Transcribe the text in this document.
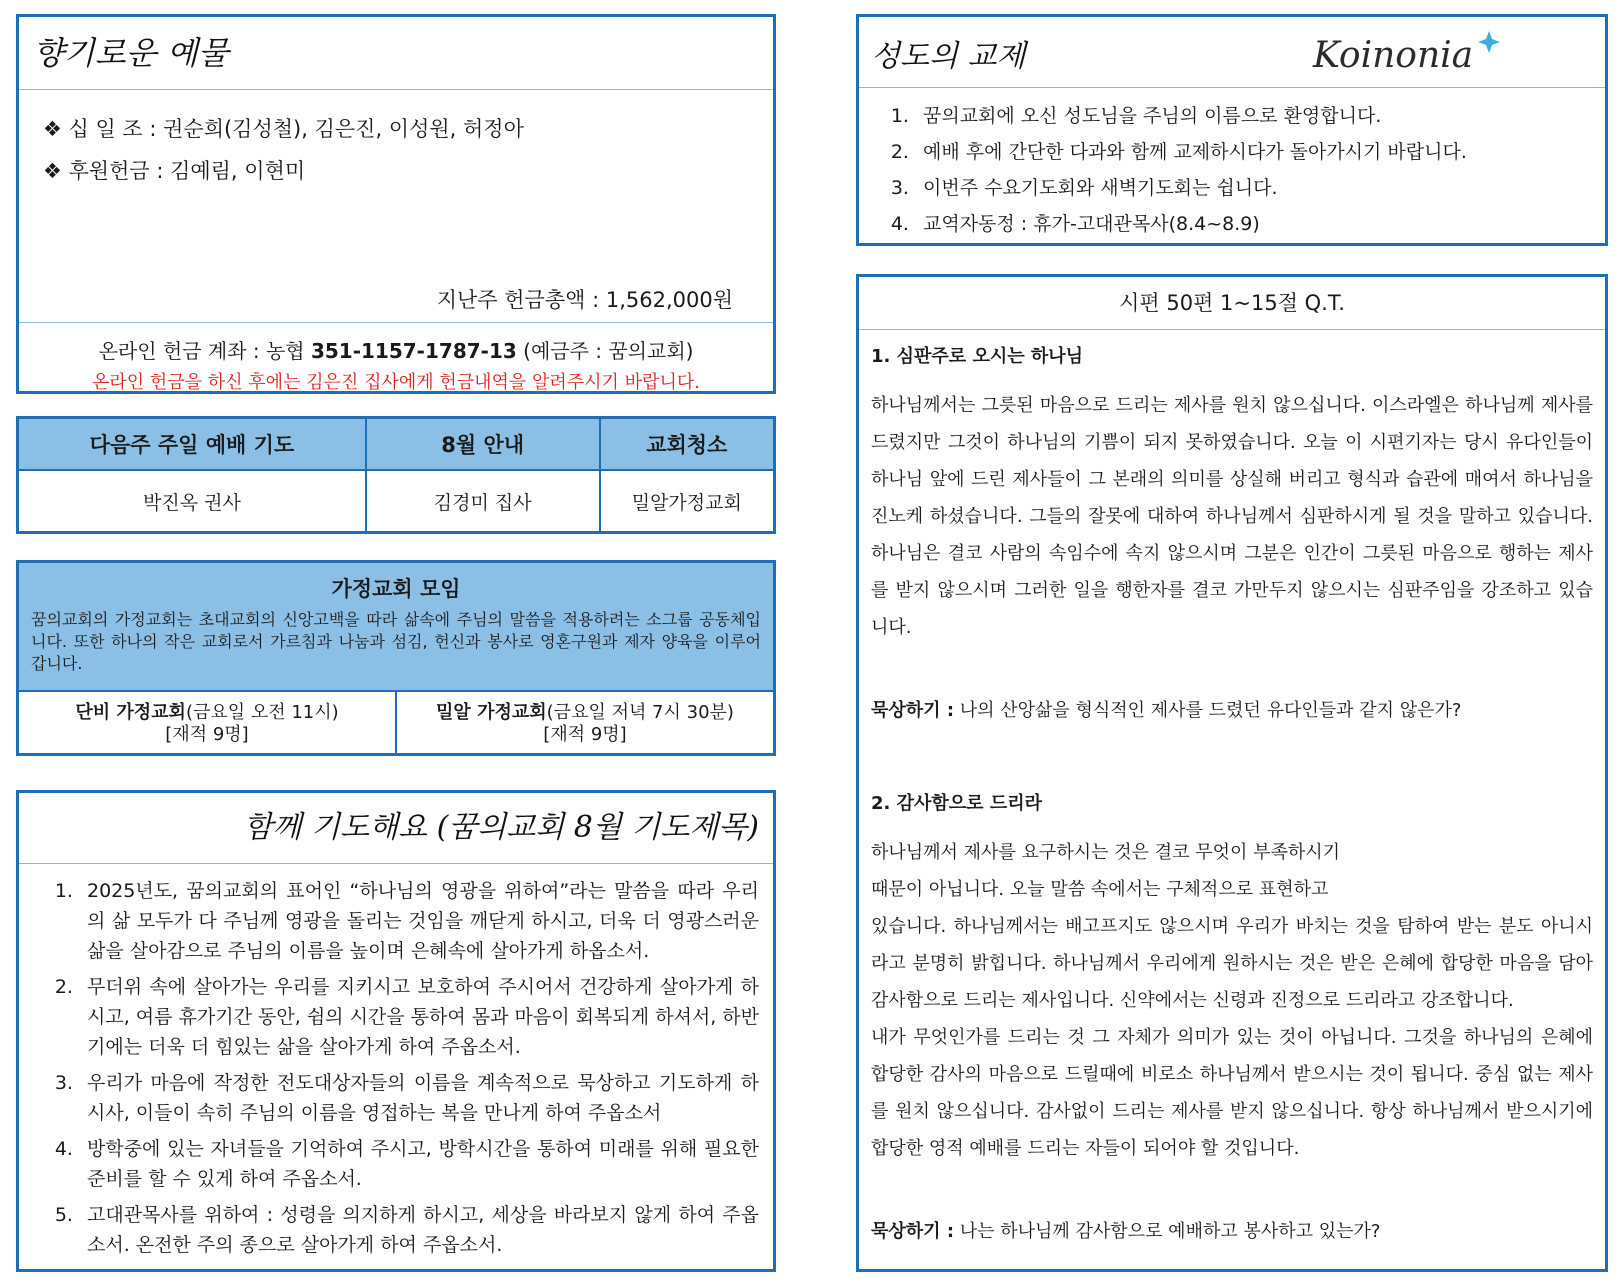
향기로운 예물
❖ 십 일 조 : 권순희(김성철), 김은진, 이성원, 허정아
❖ 후원헌금 : 김예림, 이현미
지난주 헌금총액 : 1,562,000원
온라인 헌금 계좌 : 농협 351-1157-1787-13 (예금주 : 꿈의교회)
온라인 헌금을 하신 후에는 김은진 집사에게 헌금내역을 알려주시기 바랍니다.
다음주 주일 예배 기도	8월 안내	교회청소
박진옥 권사	김경미 집사	밀알가정교회
가정교회 모임

꿈의교회의 가정교회는 초대교회의 신앙고백을 따라 삶속에 주님의 말씀을 적용하려는 소그룹 공동체입니다. 또한 하나의 작은 교회로서 가르침과 나눔과 섬김, 헌신과 봉사로 영혼구원과 제자 양육을 이루어 갑니다.

단비 가정교회(금요일 오전 11시)
[재적 9명]
밀알 가정교회(금요일 저녁 7시 30분)
[재적 9명]
함께 기도해요 (꿈의교회 8월 기도제목)
1. 2025년도, 꿈의교회의 표어인 “하나님의 영광을 위하여”라는 말씀을 따라 우리의 삶 모두가 다 주님께 영광을 돌리는 것임을 깨닫게 하시고, 더욱 더 영광스러운 삶을 살아감으로 주님의 이름을 높이며 은혜속에 살아가게 하옵소서.
2. 무더위 속에 살아가는 우리를 지키시고 보호하여 주시어서 건강하게 살아가게 하시고, 여름 휴가기간 동안, 쉼의 시간을 통하여 몸과 마음이 회복되게 하셔서, 하반기에는 더욱 더 힘있는 삶을 살아가게 하여 주옵소서.
3. 우리가 마음에 작정한 전도대상자들의 이름을 계속적으로 묵상하고 기도하게 하시사, 이들이 속히 주님의 이름을 영접하는 복을 만나게 하여 주옵소서
4. 방학중에 있는 자녀들을 기억하여 주시고, 방학시간을 통하여 미래를 위해 필요한 준비를 할 수 있게 하여 주옵소서.
5. 고대관목사를 위하여 : 성령을 의지하게 하시고, 세상을 바라보지 않게 하여 주옵소서. 온전한 주의 종으로 살아가게 하여 주옵소서.
성도의 교제	Koinonia
1. 꿈의교회에 오신 성도님을 주님의 이름으로 환영합니다.
2. 예배 후에 간단한 다과와 함께 교제하시다가 돌아가시기 바랍니다.
3. 이번주 수요기도회와 새벽기도회는 쉽니다.
4. 교역자동정 : 휴가-고대관목사(8.4~8.9)
시편 50편 1~15절 Q.T.

1. 심판주로 오시는 하나님

하나님께서는 그릇된 마음으로 드리는 제사를 원치 않으십니다. 이스라엘은 하나님께 제사를 드렸지만 그것이 하나님의 기쁨이 되지 못하였습니다. 오늘 이 시편기자는 당시 유다인들이 하나님 앞에 드린 제사들이 그 본래의 의미를 상실해 버리고 형식과 습관에 매여서 하나님을 진노케 하셨습니다. 그들의 잘못에 대하여 하나님께서 심판하시게 될 것을 말하고 있습니다. 하나님은 결코 사람의 속임수에 속지 않으시며 그분은 인간이 그릇된 마음으로 행하는 제사를 받지 않으시며 그러한 일을 행한자를 결코 가만두지 않으시는 심판주임을 강조하고 있습니다.

묵상하기 : 나의 산앙삶을 형식적인 제사를 드렸던 유다인들과 같지 않은가?

2. 감사함으로 드리라

하나님께서 제사를 요구하시는 것은 결코 무엇이 부족하시기

때문이 아닙니다. 오늘 말씀 속에서는 구체적으로 표현하고

있습니다. 하나님께서는 배고프지도 않으시며 우리가 바치는 것을 탐하여 받는 분도 아니시라고 분명히 밝힙니다. 하나님께서 우리에게 원하시는 것은 받은 은혜에 합당한 마음을 담아 감사함으로 드리는 제사입니다. 신약에서는 신령과 진정으로 드리라고 강조합니다.

내가 무엇인가를 드리는 것 그 자체가 의미가 있는 것이 아닙니다. 그것을 하나님의 은혜에 합당한 감사의 마음으로 드릴때에 비로소 하나님께서 받으시는 것이 됩니다. 중심 없는 제사를 원치 않으십니다. 감사없이 드리는 제사를 받지 않으십니다. 항상 하나님께서 받으시기에 합당한 영적 예배를 드리는 자들이 되어야 할 것입니다.

묵상하기 : 나는 하나님께 감사함으로 예배하고 봉사하고 있는가?
